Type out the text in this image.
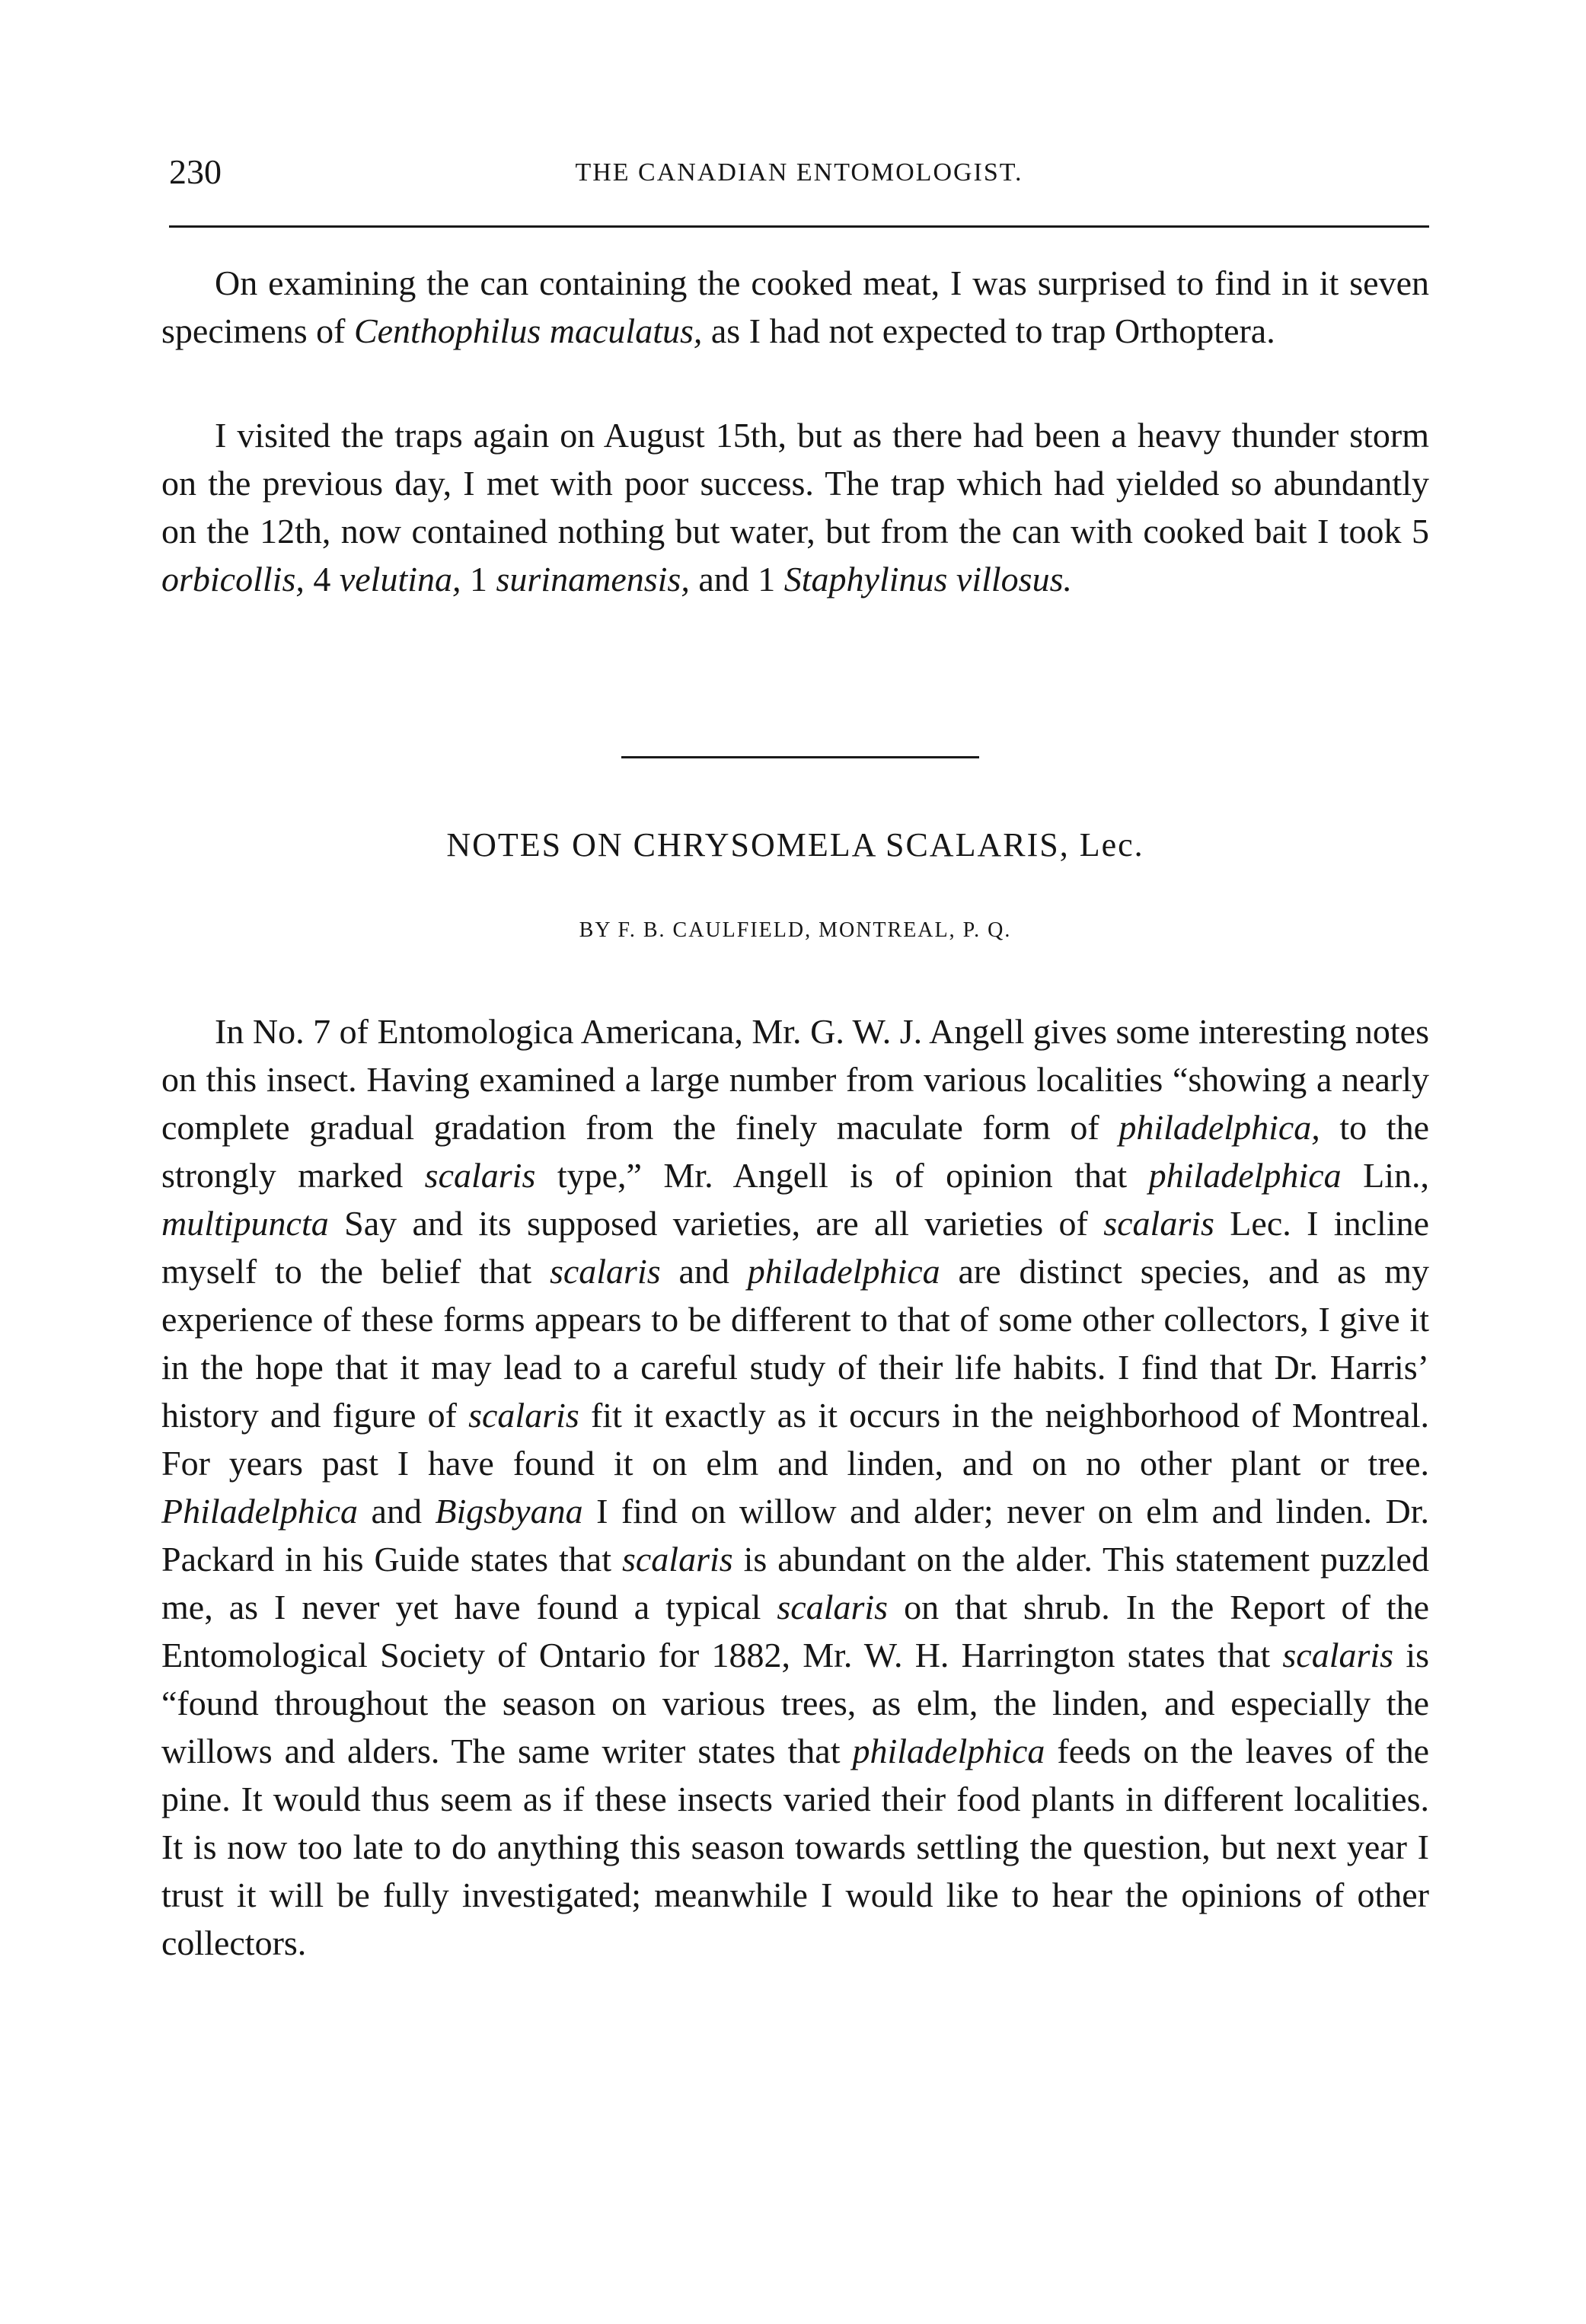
230	THE CANADIAN ENTOMOLOGIST.

On examining the can containing the cooked meat, I was surprised to find in it seven specimens of Centhophilus maculatus, as I had not expected to trap Orthoptera.

I visited the traps again on August 15th, but as there had been a heavy thunder storm on the previous day, I met with poor success. The trap which had yielded so abundantly on the 12th, now contained nothing but water, but from the can with cooked bait I took 5 orbicollis, 4 velutina, 1 surinamensis, and 1 Staphylinus villosus.

NOTES ON CHRYSOMELA SCALARIS, Lec.
BY F. B. CAULFIELD, MONTREAL, P. Q.

In No. 7 of Entomologica Americana, Mr. G. W. J. Angell gives some interesting notes on this insect. Having examined a large number from various localities “showing a nearly complete gradual gradation from the finely maculate form of philadelphica, to the strongly marked scalaris type,” Mr. Angell is of opinion that philadelphica Lin., multipuncta Say and its supposed varieties, are all varieties of scalaris Lec. I incline myself to the belief that scalaris and philadelphica are distinct species, and as my experience of these forms appears to be different to that of some other collectors, I give it in the hope that it may lead to a careful study of their life habits. I find that Dr. Harris’ history and figure of scalaris fit it exactly as it occurs in the neighborhood of Montreal. For years past I have found it on elm and linden, and on no other plant or tree. Philadelphica and Bigsbyana I find on willow and alder; never on elm and linden. Dr. Packard in his Guide states that scalaris is abundant on the alder. This statement puzzled me, as I never yet have found a typical scalaris on that shrub. In the Report of the Entomological Society of Ontario for 1882, Mr. W. H. Harrington states that scalaris is “found throughout the season on various trees, as elm, the linden, and especially the willows and alders. The same writer states that philadelphica feeds on the leaves of the pine. It would thus seem as if these insects varied their food plants in different localities. It is now too late to do anything this season towards settling the question, but next year I trust it will be fully investigated; meanwhile I would like to hear the opinions of other collectors.
